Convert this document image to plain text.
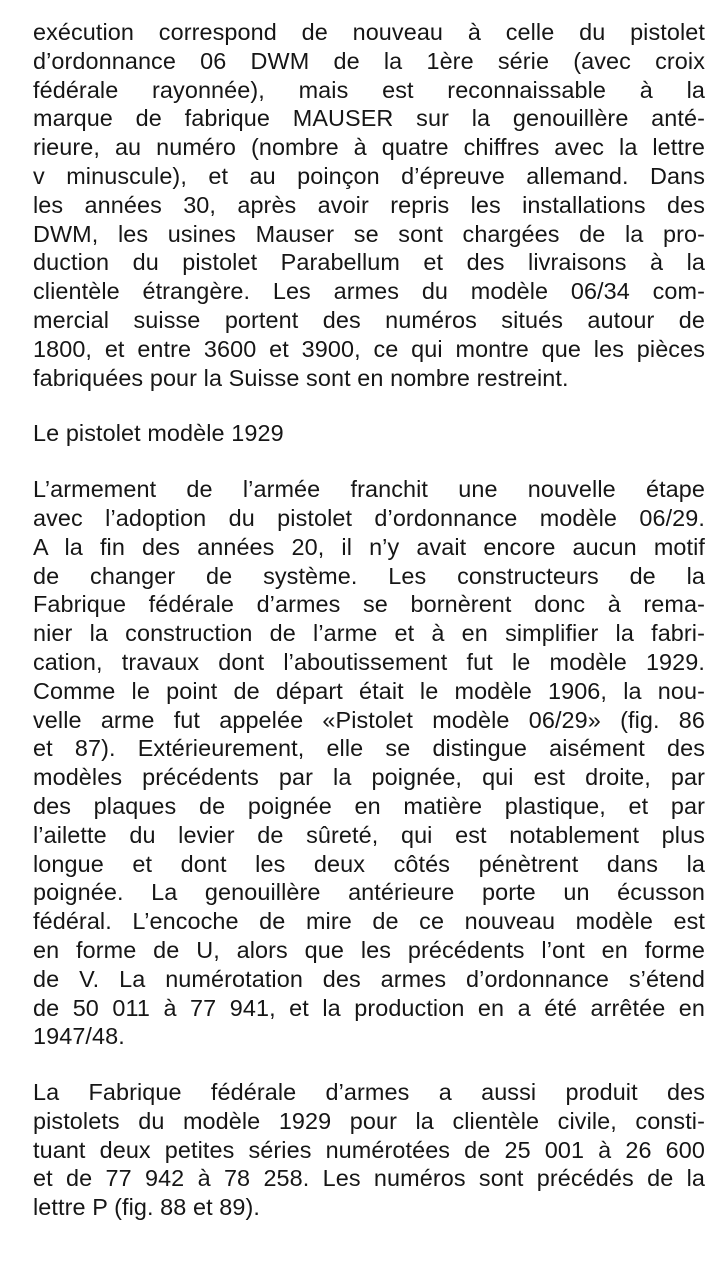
exécution correspond de nouveau à celle du pistolet
d’ordonnance 06 DWM de la 1ère série (avec croix
fédérale rayonnée), mais est reconnaissable à la
marque de fabrique MAUSER sur la genouillère anté-
rieure, au numéro (nombre à quatre chiffres avec la lettre
v minuscule), et au poinçon d’épreuve allemand. Dans
les années 30, après avoir repris les installations des
DWM, les usines Mauser se sont chargées de la pro-
duction du pistolet Parabellum et des livraisons à la
clientèle étrangère. Les armes du modèle 06/34 com-
mercial suisse portent des numéros situés autour de
1800, et entre 3600 et 3900, ce qui montre que les pièces
fabriquées pour la Suisse sont en nombre restreint.
Le pistolet modèle 1929
L’armement de l’armée franchit une nouvelle étape
avec l’adoption du pistolet d’ordonnance modèle 06/29.
A la fin des années 20, il n’y avait encore aucun motif
de changer de système. Les constructeurs de la
Fabrique fédérale d’armes se bornèrent donc à rema-
nier la construction de l’arme et à en simplifier la fabri-
cation, travaux dont l’aboutissement fut le modèle 1929.
Comme le point de départ était le modèle 1906, la nou-
velle arme fut appelée «Pistolet modèle 06/29» (fig. 86
et 87). Extérieurement, elle se distingue aisément des
modèles précédents par la poignée, qui est droite, par
des plaques de poignée en matière plastique, et par
l’ailette du levier de sûreté, qui est notablement plus
longue et dont les deux côtés pénètrent dans la
poignée. La genouillère antérieure porte un écusson
fédéral. L’encoche de mire de ce nouveau modèle est
en forme de U, alors que les précédents l’ont en forme
de V. La numérotation des armes d’ordonnance s’étend
de 50 011 à 77 941, et la production en a été arrêtée en
1947/48.
La Fabrique fédérale d’armes a aussi produit des
pistolets du modèle 1929 pour la clientèle civile, consti-
tuant deux petites séries numérotées de 25 001 à 26 600
et de 77 942 à 78 258. Les numéros sont précédés de la
lettre P (fig. 88 et 89).
